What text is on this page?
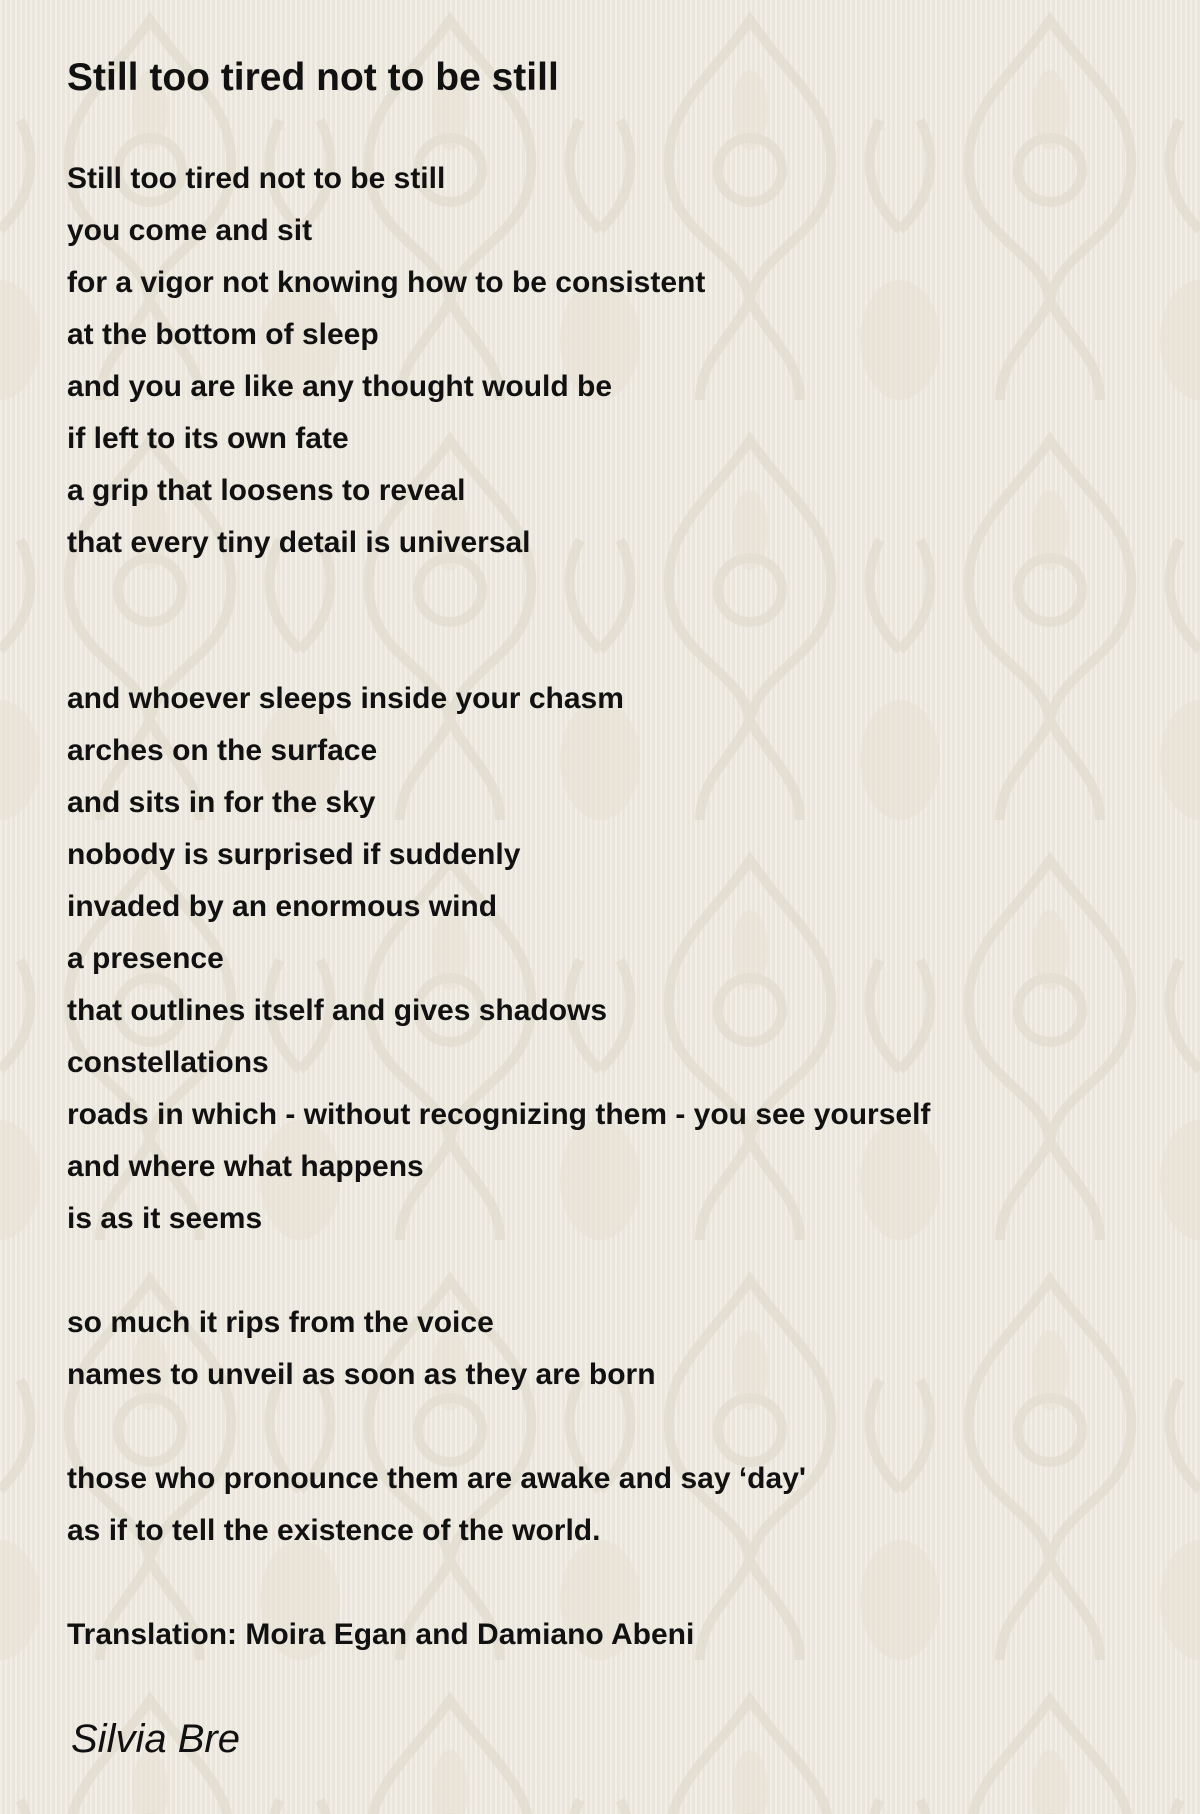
Still too tired not to be still
Still too tired not to be still
you come and sit
for a vigor not knowing how to be consistent
at the bottom of sleep
and you are like any thought would be
if left to its own fate
a grip that loosens to reveal
that every tiny detail is universal
and whoever sleeps inside your chasm
arches on the surface
and sits in for the sky
nobody is surprised if suddenly
invaded by an enormous wind
a presence
that outlines itself and gives shadows
constellations
roads in which - without recognizing them - you see yourself
and where what happens
is as it seems
so much it rips from the voice
names to unveil as soon as they are born
those who pronounce them are awake and say ‘day'
as if to tell the existence of the world.
Translation: Moira Egan and Damiano Abeni
Silvia Bre
